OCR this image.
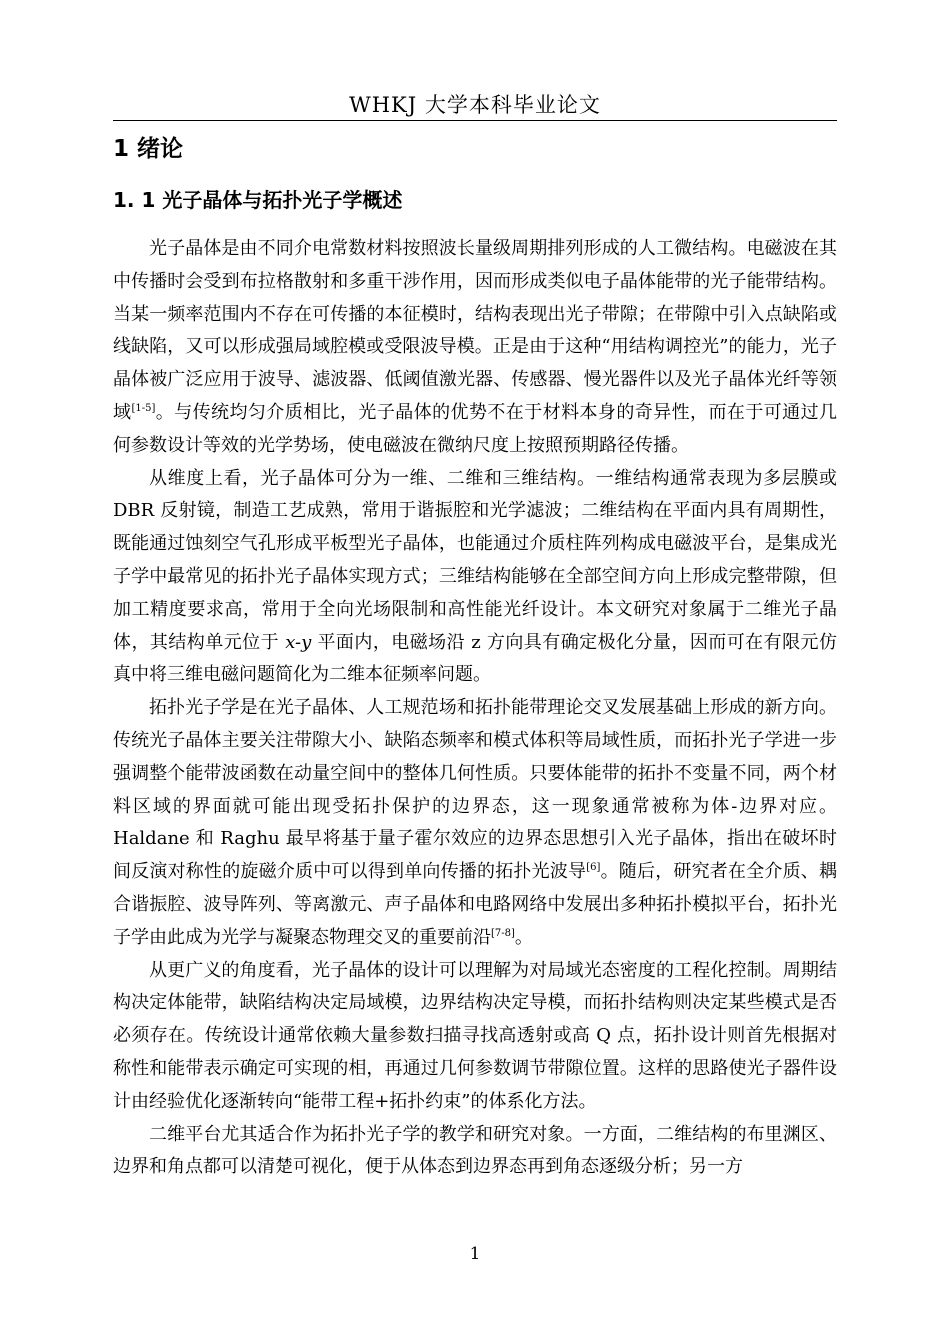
WHKJ 大学本科毕业论文
1 绪论
1. 1 光子晶体与拓扑光子学概述

光子晶体是由不同介电常数材料按照波长量级周期排列形成的人工微结构。电磁波在其中传播时会受到布拉格散射和多重干涉作用，因而形成类似电子晶体能带的光子能带结构。当某一频率范围内不存在可传播的本征模时，结构表现出光子带隙；在带隙中引入点缺陷或线缺陷，又可以形成强局域腔模或受限波导模。正是由于这种“用结构调控光”的能力，光子晶体被广泛应用于波导、滤波器、低阈值激光器、传感器、慢光器件以及光子晶体光纤等领域[1-5]。与传统均匀介质相比，光子晶体的优势不在于材料本身的奇异性，而在于可通过几何参数设计等效的光学势场，使电磁波在微纳尺度上按照预期路径传播。

从维度上看，光子晶体可分为一维、二维和三维结构。一维结构通常表现为多层膜或 DBR 反射镜，制造工艺成熟，常用于谐振腔和光学滤波；二维结构在平面内具有周期性，既能通过蚀刻空气孔形成平板型光子晶体，也能通过介质柱阵列构成电磁波平台，是集成光子学中最常见的拓扑光子晶体实现方式；三维结构能够在全部空间方向上形成完整带隙，但加工精度要求高，常用于全向光场限制和高性能光纤设计。本文研究对象属于二维光子晶体，其结构单元位于 x-y 平面内，电磁场沿 z 方向具有确定极化分量，因而可在有限元仿真中将三维电磁问题简化为二维本征频率问题。

拓扑光子学是在光子晶体、人工规范场和拓扑能带理论交叉发展基础上形成的新方向。传统光子晶体主要关注带隙大小、缺陷态频率和模式体积等局域性质，而拓扑光子学进一步强调整个能带波函数在动量空间中的整体几何性质。只要体能带的拓扑不变量不同，两个材料区域的界面就可能出现受拓扑保护的边界态，这一现象通常被称为体-边界对应。Haldane 和 Raghu 最早将基于量子霍尔效应的边界态思想引入光子晶体，指出在破坏时间反演对称性的旋磁介质中可以得到单向传播的拓扑光波导[6]。随后，研究者在全介质、耦合谐振腔、波导阵列、等离激元、声子晶体和电路网络中发展出多种拓扑模拟平台，拓扑光子学由此成为光学与凝聚态物理交叉的重要前沿[7-8]。

从更广义的角度看，光子晶体的设计可以理解为对局域光态密度的工程化控制。周期结构决定体能带，缺陷结构决定局域模，边界结构决定导模，而拓扑结构则决定某些模式是否必须存在。传统设计通常依赖大量参数扫描寻找高透射或高 Q 点，拓扑设计则首先根据对称性和能带表示确定可实现的相，再通过几何参数调节带隙位置。这样的思路使光子器件设计由经验优化逐渐转向“能带工程+拓扑约束”的体系化方法。

二维平台尤其适合作为拓扑光子学的教学和研究对象。一方面，二维结构的布里渊区、边界和角点都可以清楚可视化，便于从体态到边界态再到角态逐级分析；另一方

1
